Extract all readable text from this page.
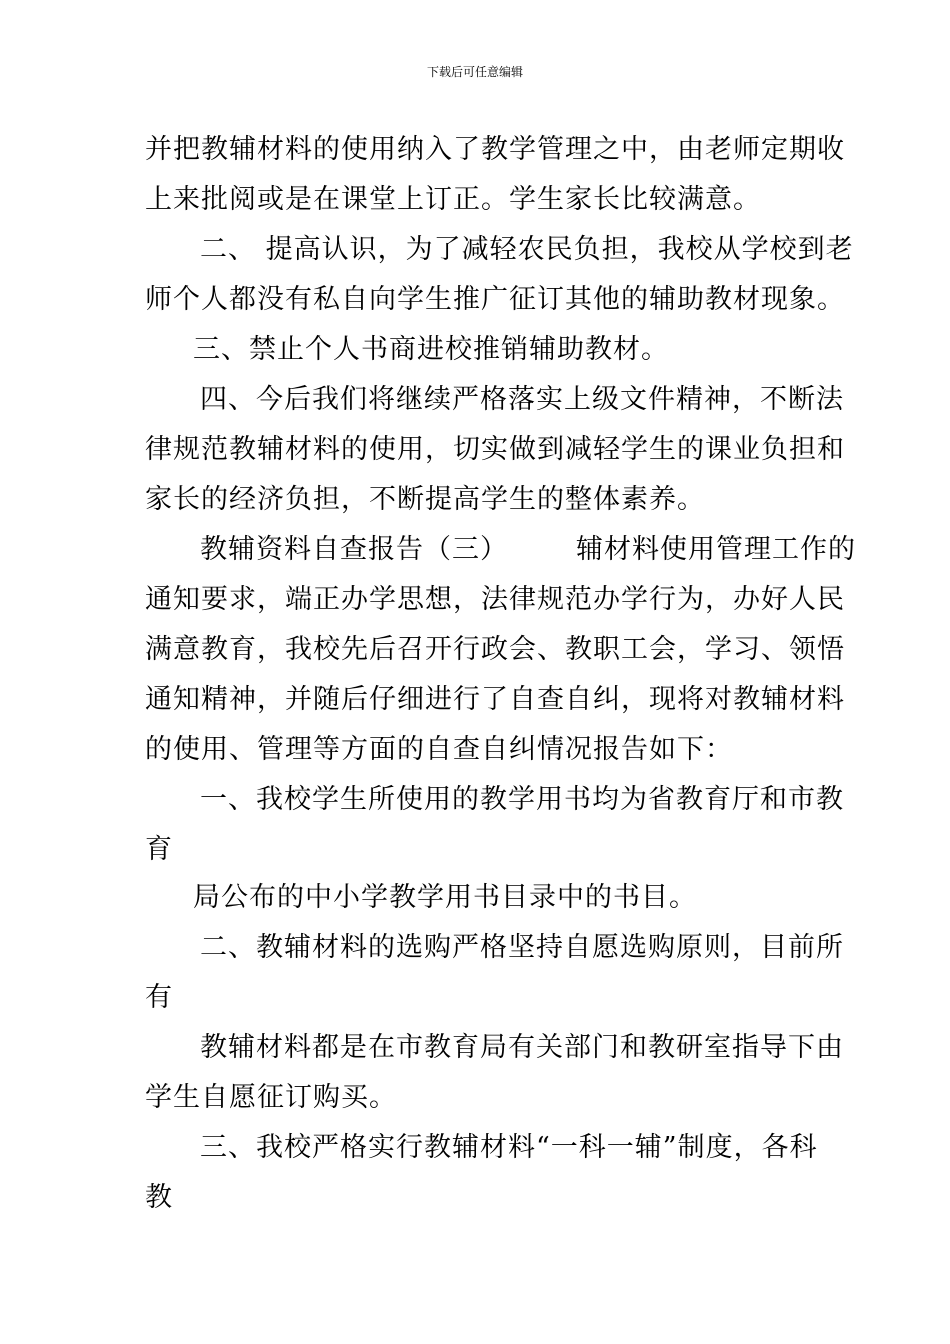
下载后可任意编辑
并把教辅材料的使用纳入了教学管理之中，由老师定期收
上来批阅或是在课堂上订正。学生家长比较满意。
二、 提高认识，为了减轻农民负担，我校从学校到老
师个人都没有私自向学生推广征订其他的辅助教材现象。
三、禁止个人书商进校推销辅助教材。
四、今后我们将继续严格落实上级文件精神，不断法
律规范教辅材料的使用，切实做到减轻学生的课业负担和
家长的经济负担，不断提高学生的整体素养。
教辅资料自查报告（三）	辅材料使用管理工作的
通知要求，端正办学思想，法律规范办学行为，办好人民
满意教育，我校先后召开行政会、教职工会，学习、领悟
通知精神，并随后仔细进行了自查自纠，现将对教辅材料
的使用、管理等方面的自查自纠情况报告如下：
一、我校学生所使用的教学用书均为省教育厅和市教
育
局公布的中小学教学用书目录中的书目。
二、教辅材料的选购严格坚持自愿选购原则，目前所
有
教辅材料都是在市教育局有关部门和教研室指导下由
学生自愿征订购买。
三、我校严格实行教辅材料“一科一辅”制度，各科
教
